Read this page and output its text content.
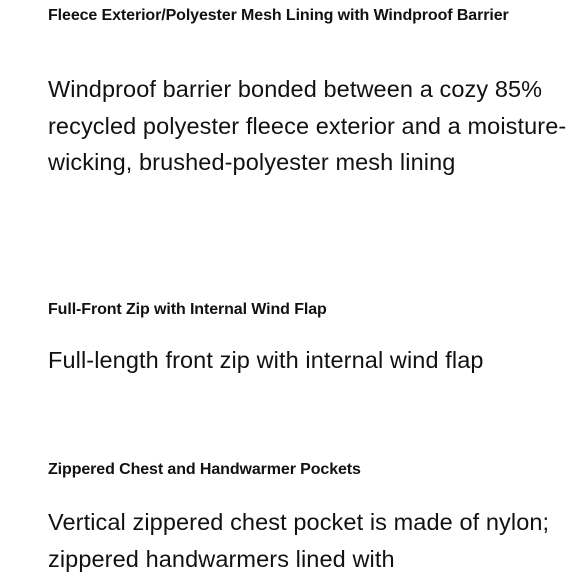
Fleece Exterior/Polyester Mesh Lining with Windproof Barrier

Windproof barrier bonded between a cozy 85% recycled polyester fleece exterior and a moisture-wicking, brushed-polyester mesh lining

Full-Front Zip with Internal Wind Flap

Full-length front zip with internal wind flap

Zippered Chest and Handwarmer Pockets

Vertical zippered chest pocket is made of nylon; zippered handwarmers lined with
